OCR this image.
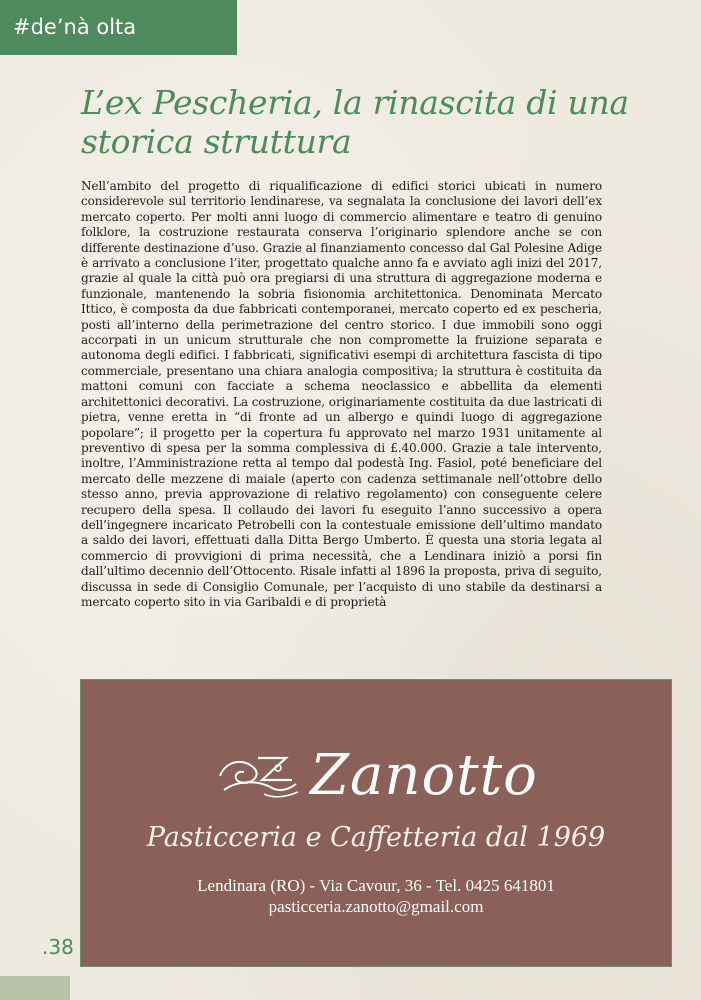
#de’nà olta
L’ex Pescheria, la rinascita di una storica struttura

Nell’ambito del progetto di riqualificazione di edifici storici ubicati in numero considerevole sul territorio lendinarese, va segnalata la conclusione dei lavori dell’ex mercato coperto. Per molti anni luogo di commercio alimentare e teatro di genuino folklore, la costruzione restaurata conserva l’originario splendore anche se con differente destinazione d’uso. Grazie al finanziamento concesso dal Gal Polesine Adige è arrivato a conclusione l’iter, progettato qualche anno fa e avviato agli inizi del 2017, grazie al quale la città può ora pregiarsi di una struttura di aggregazione moderna e funzionale, mantenendo la sobria fisionomia architettonica. Denominata Mercato Ittico, è composta da due fabbricati contemporanei, mercato coperto ed ex pescheria, posti all’interno della perimetrazione del centro storico. I due immobili sono oggi accorpati in un unicum strutturale che non compromette la fruizione separata e autonoma degli edifici. I fabbricati, significativi esempi di architettura fascista di tipo commerciale, presentano una chiara analogia compositiva; la struttura è costituita da mattoni comuni con facciate a schema neoclassico e abbellita da elementi architettonici decorativi. La costruzione, originariamente costituita da due lastricati di pietra, venne eretta in “di fronte ad un albergo e quindi luogo di aggregazione popolare”; il progetto per la copertura fu approvato nel marzo 1931 unitamente al preventivo di spesa per la somma complessiva di £.40.000. Grazie a tale intervento, inoltre, l’Amministrazione retta al tempo dal podestà Ing. Fasiol, poté beneficiare del mercato delle mezzene di maiale (aperto con cadenza settimanale nell’ottobre dello stesso anno, previa approvazione di relativo regolamento) con conseguente celere recupero della spesa. Il collaudo dei lavori fu eseguito l’anno successivo a opera dell’ingegnere incaricato Petrobelli con la contestuale emissione dell’ultimo mandato a saldo dei lavori, effettuati dalla Ditta Bergo Umberto. È questa una storia legata al commercio di provvigioni di prima necessità, che a Lendinara iniziò a porsi fin dall’ultimo decennio dell’Ottocento. Risale infatti al 1896 la proposta, priva di seguito, discussa in sede di Consiglio Comunale, per l’acquisto di uno stabile da destinarsi a mercato coperto sito in via Garibaldi e di proprietà

Zanotto
Pasticceria e Caffetteria dal 1969
Lendinara (RO) - Via Cavour, 36 - Tel. 0425 641801
pasticceria.zanotto@gmail.com
.38
